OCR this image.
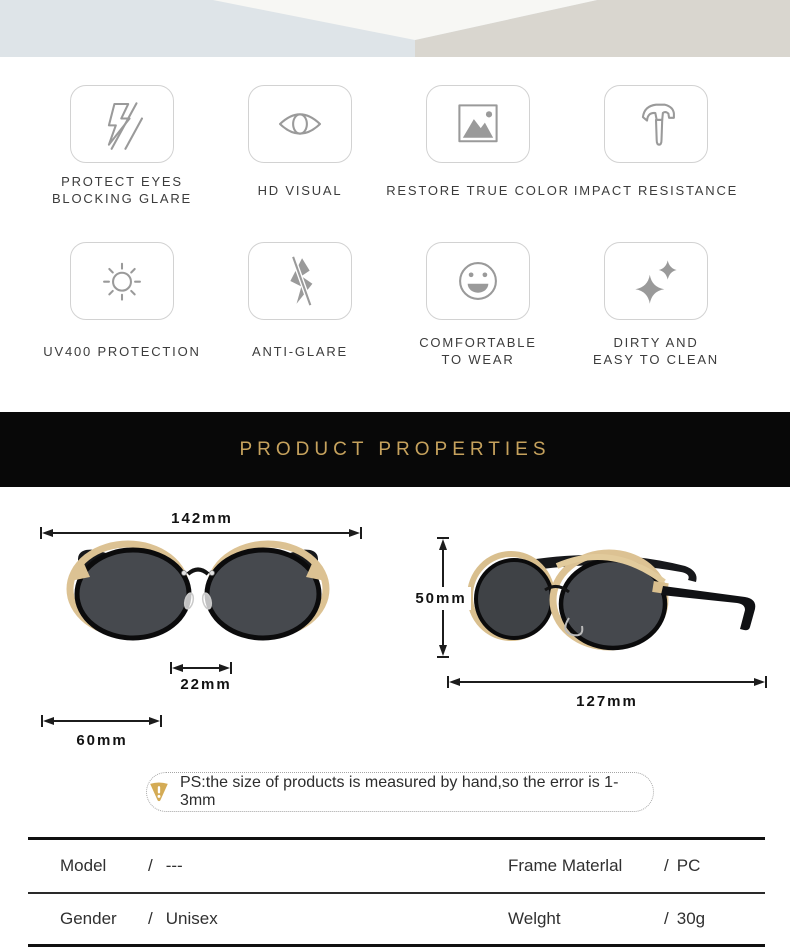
PROTECT EYES
BLOCKING GLARE
HD VISUAL	RESTORE TRUE COLOR IMPACT RESISTANCE
UV400 PROTECTION	ANTI-GLARE
COMFORTABLE
TO WEAR
DIRTY AND
EASY TO CLEAN
PRODUCT PROPERTIES
142mm
22mm
60mm
50mm
127mm
PS:the size of products is measured by hand,so the error is 1-3mm
Model / ---	Frame Materlal / PC
Gender / Unisex	Welght	/ 30g
